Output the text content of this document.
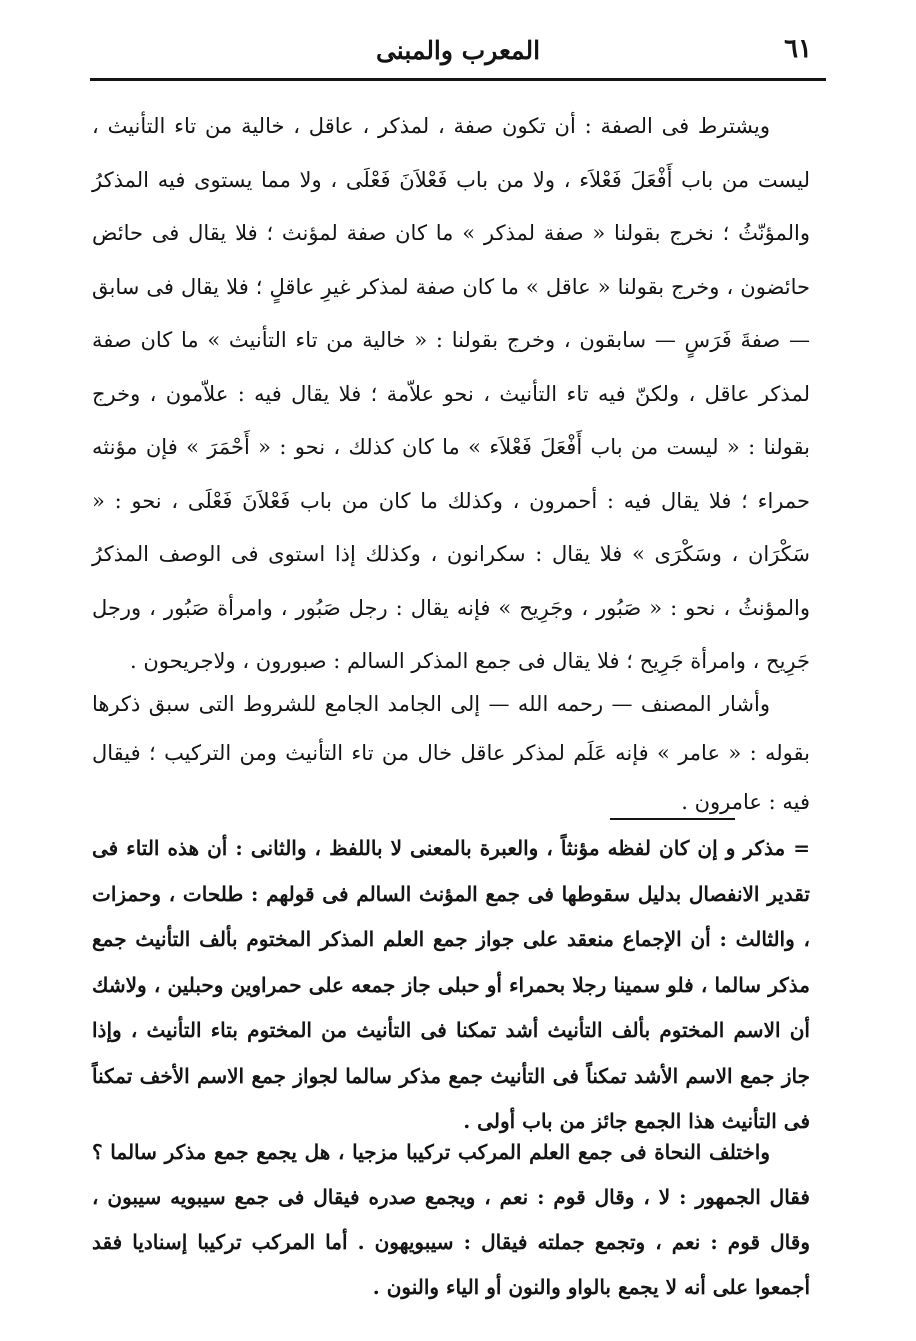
المعرب والمبنى	٦١

ويشترط فى الصفة : أن تكون صفة ، لمذكر ، عاقل ، خالية من تاء التأنيث ، ليست من باب أَفْعَلَ فَعْلاَء ، ولا من باب فَعْلاَنَ فَعْلَى ، ولا مما يستوى فيه المذكرُ والمؤنّثُ ؛ نخرج بقولنا « صفة لمذكر » ما كان صفة لمؤنث ؛ فلا يقال فى حائض حائضون ، وخرج بقولنا « عاقل » ما كان صفة لمذكر غيرِ عاقلٍ ؛ فلا يقال فى سابق — صفةَ فَرَسٍ — سابقون ، وخرج بقولنا : « خالية من تاء التأنيث » ما كان صفة لمذكر عاقل ، ولكنّ فيه تاء التأنيث ، نحو علاّمة ؛ فلا يقال فيه : علاّمون ، وخرج بقولنا : « ليست من باب أَفْعَلَ فَعْلاَء » ما كان كذلك ، نحو : « أَحْمَرَ » فإن مؤنثه حمراء ؛ فلا يقال فيه : أحمرون ، وكذلك ما كان من باب فَعْلاَنَ فَعْلَى ، نحو : « سَكْرَان ، وسَكْرَى » فلا يقال : سكرانون ، وكذلك إذا استوى فى الوصف المذكرُ والمؤنثُ ، نحو : « صَبُور ، وجَرِيح » فإنه يقال : رجل صَبُور ، وامرأة صَبُور ، ورجل جَرِيح ، وامرأة جَرِيح ؛ فلا يقال فى جمع المذكر السالم : صبورون ، ولاجريحون .

وأشار المصنف — رحمه الله — إلى الجامد الجامع للشروط التى سبق ذكرها بقوله : « عامر » فإنه عَلَم لمذكر عاقل خال من تاء التأنيث ومن التركيب ؛ فيقال فيه : عامرون .

= مذكر و إن كان لفظه مؤنثاً ، والعبرة بالمعنى لا باللفظ ، والثانى : أن هذه التاء فى تقدير الانفصال بدليل سقوطها فى جمع المؤنث السالم فى قولهم : طلحات ، وحمزات ، والثالث : أن الإجماع منعقد على جواز جمع العلم المذكر المختوم بألف التأنيث جمع مذكر سالما ، فلو سمينا رجلا بحمراء أو حبلى جاز جمعه على حمراوين وحبلين ، ولاشك أن الاسم المختوم بألف التأنيث أشد تمكنا فى التأنيث من المختوم بتاء التأنيث ، وإذا جاز جمع الاسم الأشد تمكناً فى التأنيث جمع مذكر سالما لجواز جمع الاسم الأخف تمكناً فى التأنيث هذا الجمع جائز من باب أولى .

واختلف النحاة فى جمع العلم المركب تركيبا مزجيا ، هل يجمع جمع مذكر سالما ؟ فقال الجمهور : لا ، وقال قوم : نعم ، ويجمع صدره فيقال فى جمع سيبويه سيبون ، وقال قوم : نعم ، وتجمع جملته فيقال : سيبويهون . أما المركب تركيبا إسناديا فقد أجمعوا على أنه لا يجمع بالواو والنون أو الياء والنون .
